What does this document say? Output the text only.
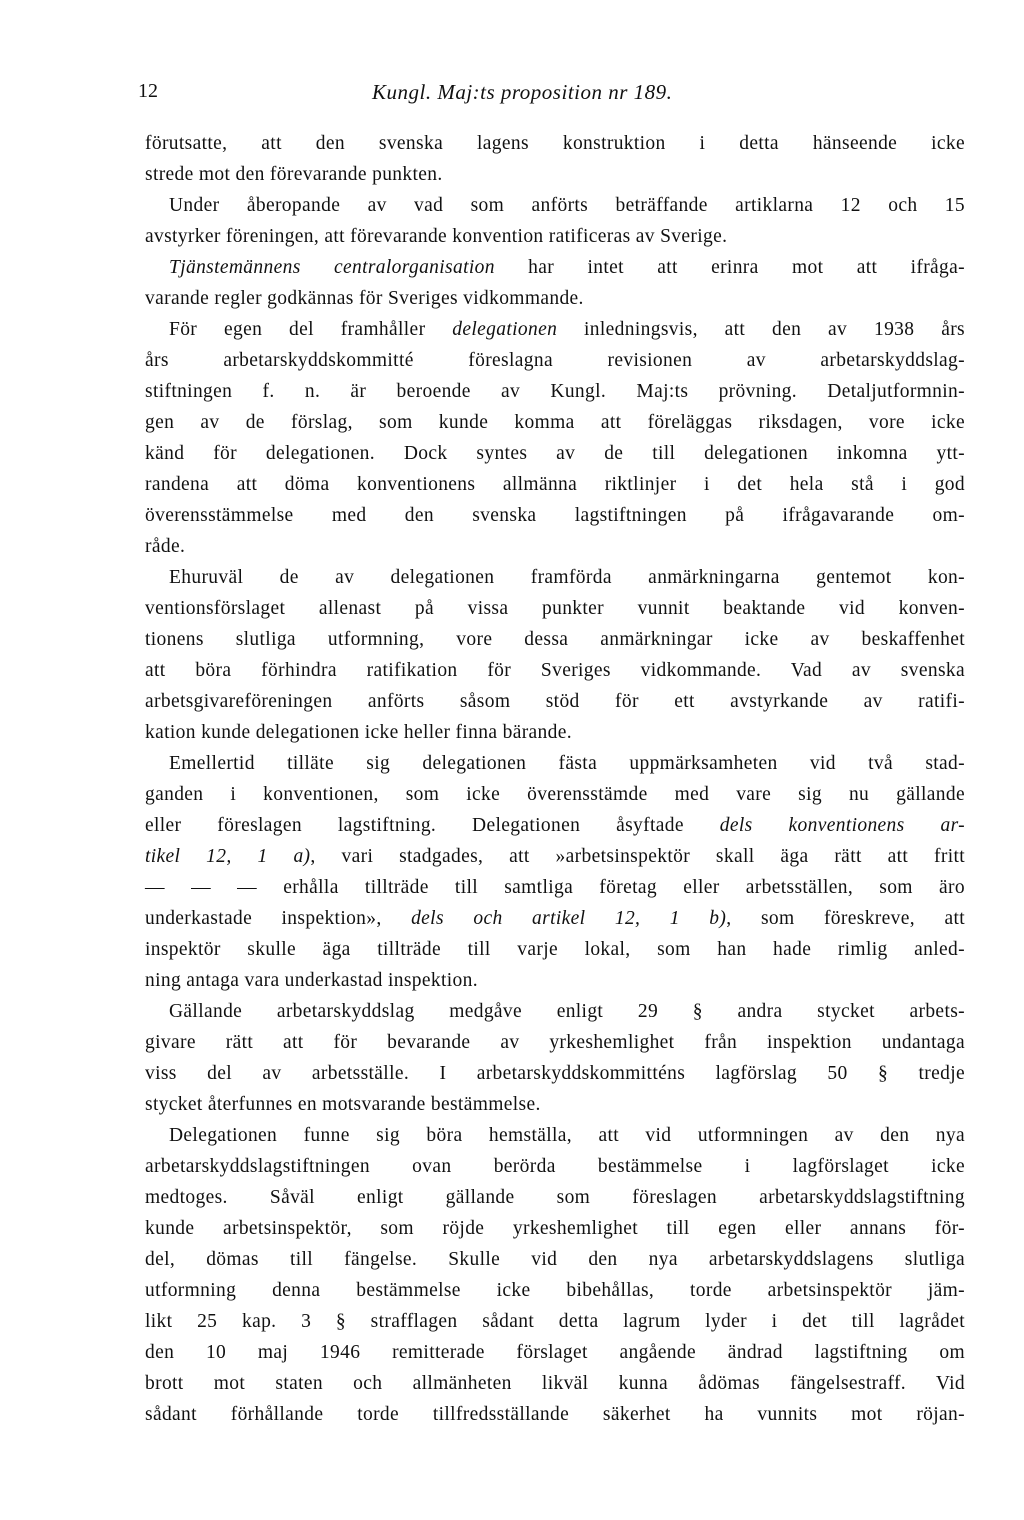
12	Kungl. Maj:ts proposition nr 189.
förutsatte, att den svenska lagens konstruktion i detta hänseende icke
strede mot den förevarande punkten.
Under åberopande av vad som anförts beträffande artiklarna 12 och 15
avstyrker föreningen, att förevarande konvention ratificeras av Sverige.
Tjänstemännens centralorganisation har intet att erinra mot att ifråga-
varande regler godkännas för Sveriges vidkommande.
För egen del framhåller delegationen inledningsvis, att den av 1938 års
års arbetarskyddskommitté föreslagna revisionen av arbetarskyddslag-
stiftningen f. n. är beroende av Kungl. Maj:ts prövning. Detaljutformnin-
gen av de förslag, som kunde komma att föreläggas riksdagen, vore icke
känd för delegationen. Dock syntes av de till delegationen inkomna ytt-
randena att döma konventionens allmänna riktlinjer i det hela stå i god
överensstämmelse med den svenska lagstiftningen på ifrågavarande om-
råde.
Ehuruväl de av delegationen framförda anmärkningarna gentemot kon-
ventionsförslaget allenast på vissa punkter vunnit beaktande vid konven-
tionens slutliga utformning, vore dessa anmärkningar icke av beskaffenhet
att böra förhindra ratifikation för Sveriges vidkommande. Vad av svenska
arbetsgivareföreningen anförts såsom stöd för ett avstyrkande av ratifi-
kation kunde delegationen icke heller finna bärande.
Emellertid tilläte sig delegationen fästa uppmärksamheten vid två stad-
ganden i konventionen, som icke överensstämde med vare sig nu gällande
eller föreslagen lagstiftning. Delegationen åsyftade dels konventionens ar-
tikel 12, 1 a), vari stadgades, att »arbetsinspektör skall äga rätt att fritt
— — — erhålla tillträde till samtliga företag eller arbetsställen, som äro
underkastade inspektion», dels och artikel 12, 1 b), som föreskreve, att
inspektör skulle äga tillträde till varje lokal, som han hade rimlig anled-
ning antaga vara underkastad inspektion.
Gällande arbetarskyddslag medgåve enligt 29 § andra stycket arbets-
givare rätt att för bevarande av yrkeshemlighet från inspektion undantaga
viss del av arbetsställe. I arbetarskyddskommitténs lagförslag 50 § tredje
stycket återfunnes en motsvarande bestämmelse.
Delegationen funne sig böra hemställa, att vid utformningen av den nya
arbetarskyddslagstiftningen ovan berörda bestämmelse i lagförslaget icke
medtoges. Såväl enligt gällande som föreslagen arbetarskyddslagstiftning
kunde arbetsinspektör, som röjde yrkeshemlighet till egen eller annans för-
del, dömas till fängelse. Skulle vid den nya arbetarskyddslagens slutliga
utformning denna bestämmelse icke bibehållas, torde arbetsinspektör jäm-
likt 25 kap. 3 § strafflagen sådant detta lagrum lyder i det till lagrådet
den 10 maj 1946 remitterade förslaget angående ändrad lagstiftning om
brott mot staten och allmänheten likväl kunna ådömas fängelsestraff. Vid
sådant förhållande torde tillfredsställande säkerhet ha vunnits mot röjan-
